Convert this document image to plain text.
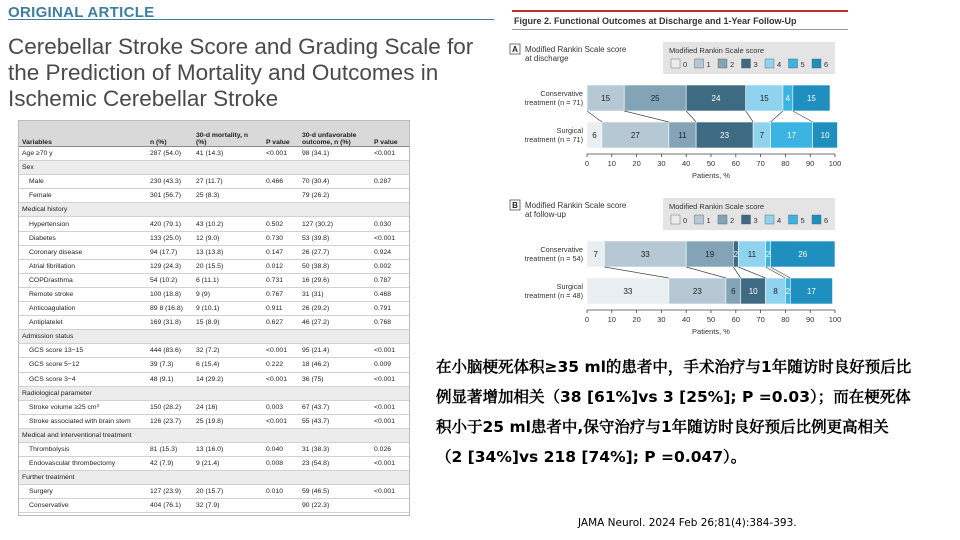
ORIGINAL ARTICLE
Cerebellar Stroke Score and Grading Scale for the Prediction of Mortality and Outcomes in Ischemic Cerebellar Stroke
Variables	n (%)	30-d mortality, n (%)	P value	30-d unfavorable outcome, n (%)	P value
Age ≥70 y	287 (54.0)	41 (14.3)	<0.001	98 (34.1)	<0.001
Sex					
Male	230 (43.3)	27 (11.7)	0.466	70 (30.4)	0.287
Female	301 (56.7)	25 (8.3)		79 (26.2)	
Medical history					
Hypertension	420 (79.1)	43 (10.2)	0.502	127 (30.2)	0.030
Diabetes	133 (25.0)	12 (9.0)	0.730	53 (39.8)	<0.001
Coronary disease	94 (17.7)	13 (13.8)	0.147	26 (27.7)	0.924
Atrial fibrillation	129 (24.3)	20 (15.5)	0.012	50 (38.8)	0.002
COPD/asthma	54 (10.2)	6 (11.1)	0.731	16 (29.6)	0.787
Remote stroke	100 (18.8)	9 (9)	0.767	31 (31)	0.468
Anticoagulation	89 8 (16.8)	9 (10.1)	0.911	26 (29.2)	0.791
Antiplatelet	169 (31.8)	15 (8.9)	0.627	46 (27.2)	0.768
Admission status					
GCS score 13−15	444 (83.6)	32 (7.2)	<0.001	95 (21.4)	<0.001
GCS score 5−12	39 (7.3)	6 (15.4)	0.222	18 (46.2)	0.009
GCS score 3−4	48 (9.1)	14 (29.2)	<0.001	36 (75)	<0.001
Radiological parameter					
Stroke volume ≥25 cm³	150 (28.2)	24 (16)	0.003	67 (43.7)	<0.001
Stroke associated with brain stem	126 (23.7)	25 (19.8)	<0.001	55 (43.7)	<0.001
Medical and interventional treatment					
Thrombolysis	81 (15.3)	13 (16.0)	0.040	31 (38.3)	0.026
Endovascular thrombectomy	42 (7.9)	9 (21.4)	0.008	23 (54.8)	<0.001
Further treatment					
Surgery	127 (23.9)	20 (15.7)	0.010	59 (46.5)	<0.001
Conservative	404 (76.1)	32 (7.9)		90 (22.3)	
Figure 2. Functional Outcomes at Discharge and 1-Year Follow-Up
A Modified Rankin Scale score
at discharge
Modified Rankin Scale score
0	1	2	3	4	5	6
Conservative
treatment (n = 71) 15	25	24	15 4 15
Surgical
treatment (n = 71) 6	27	11	23	7	17	10
0 10 20 30 40 50 60 70 80 90 100
Patients, %
B Modified Rankin Scale score
at follow-up
Modified Rankin Scale score
0	1	2	3	4	5	6
Conservative
treatment (n = 54) 7	33	19 2 11 2	26
Surgical
treatment (n = 48)	33	23	6 10 8 2 17
0 10 20 30 40 50 60 70 80 90 100
Patients, %
在小脑梗死体积≥35 ml的患者中，手术治疗与1年随访时良好预后比例显著增加相关（38 [61%]vs 3 [25%]; P =0.03）；而在梗死体积小于25 ml患者中,保守治疗与1年随访时良好预后比例更高相关（2 [34%]vs 218 [74%]; P =0.047）。
JAMA Neurol. 2024 Feb 26;81(4):384-393.
